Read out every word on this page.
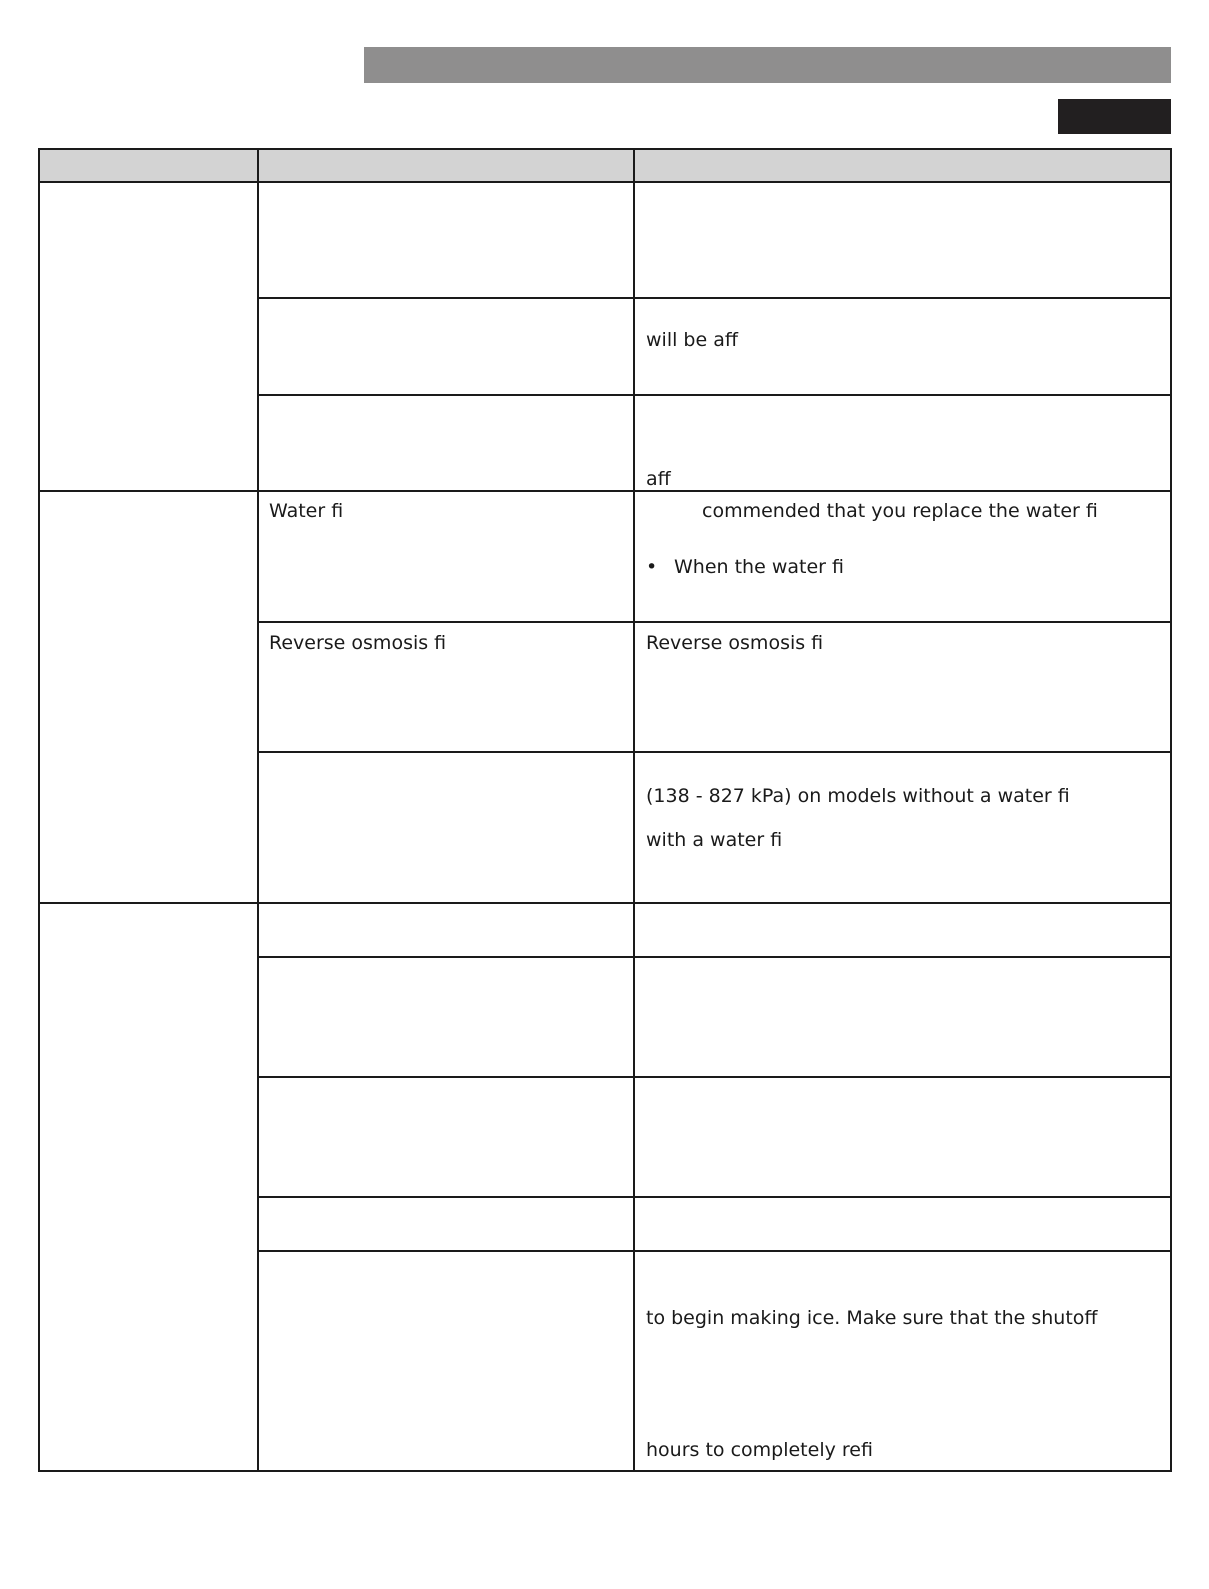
will be aff
aff
Water fi	commended that you replace the water fi
• When the water fi
Reverse osmosis fi	Reverse osmosis fi
(138 - 827 kPa) on models without a water fi
with a water fi
to begin making ice. Make sure that the shutoff
hours to completely refi
